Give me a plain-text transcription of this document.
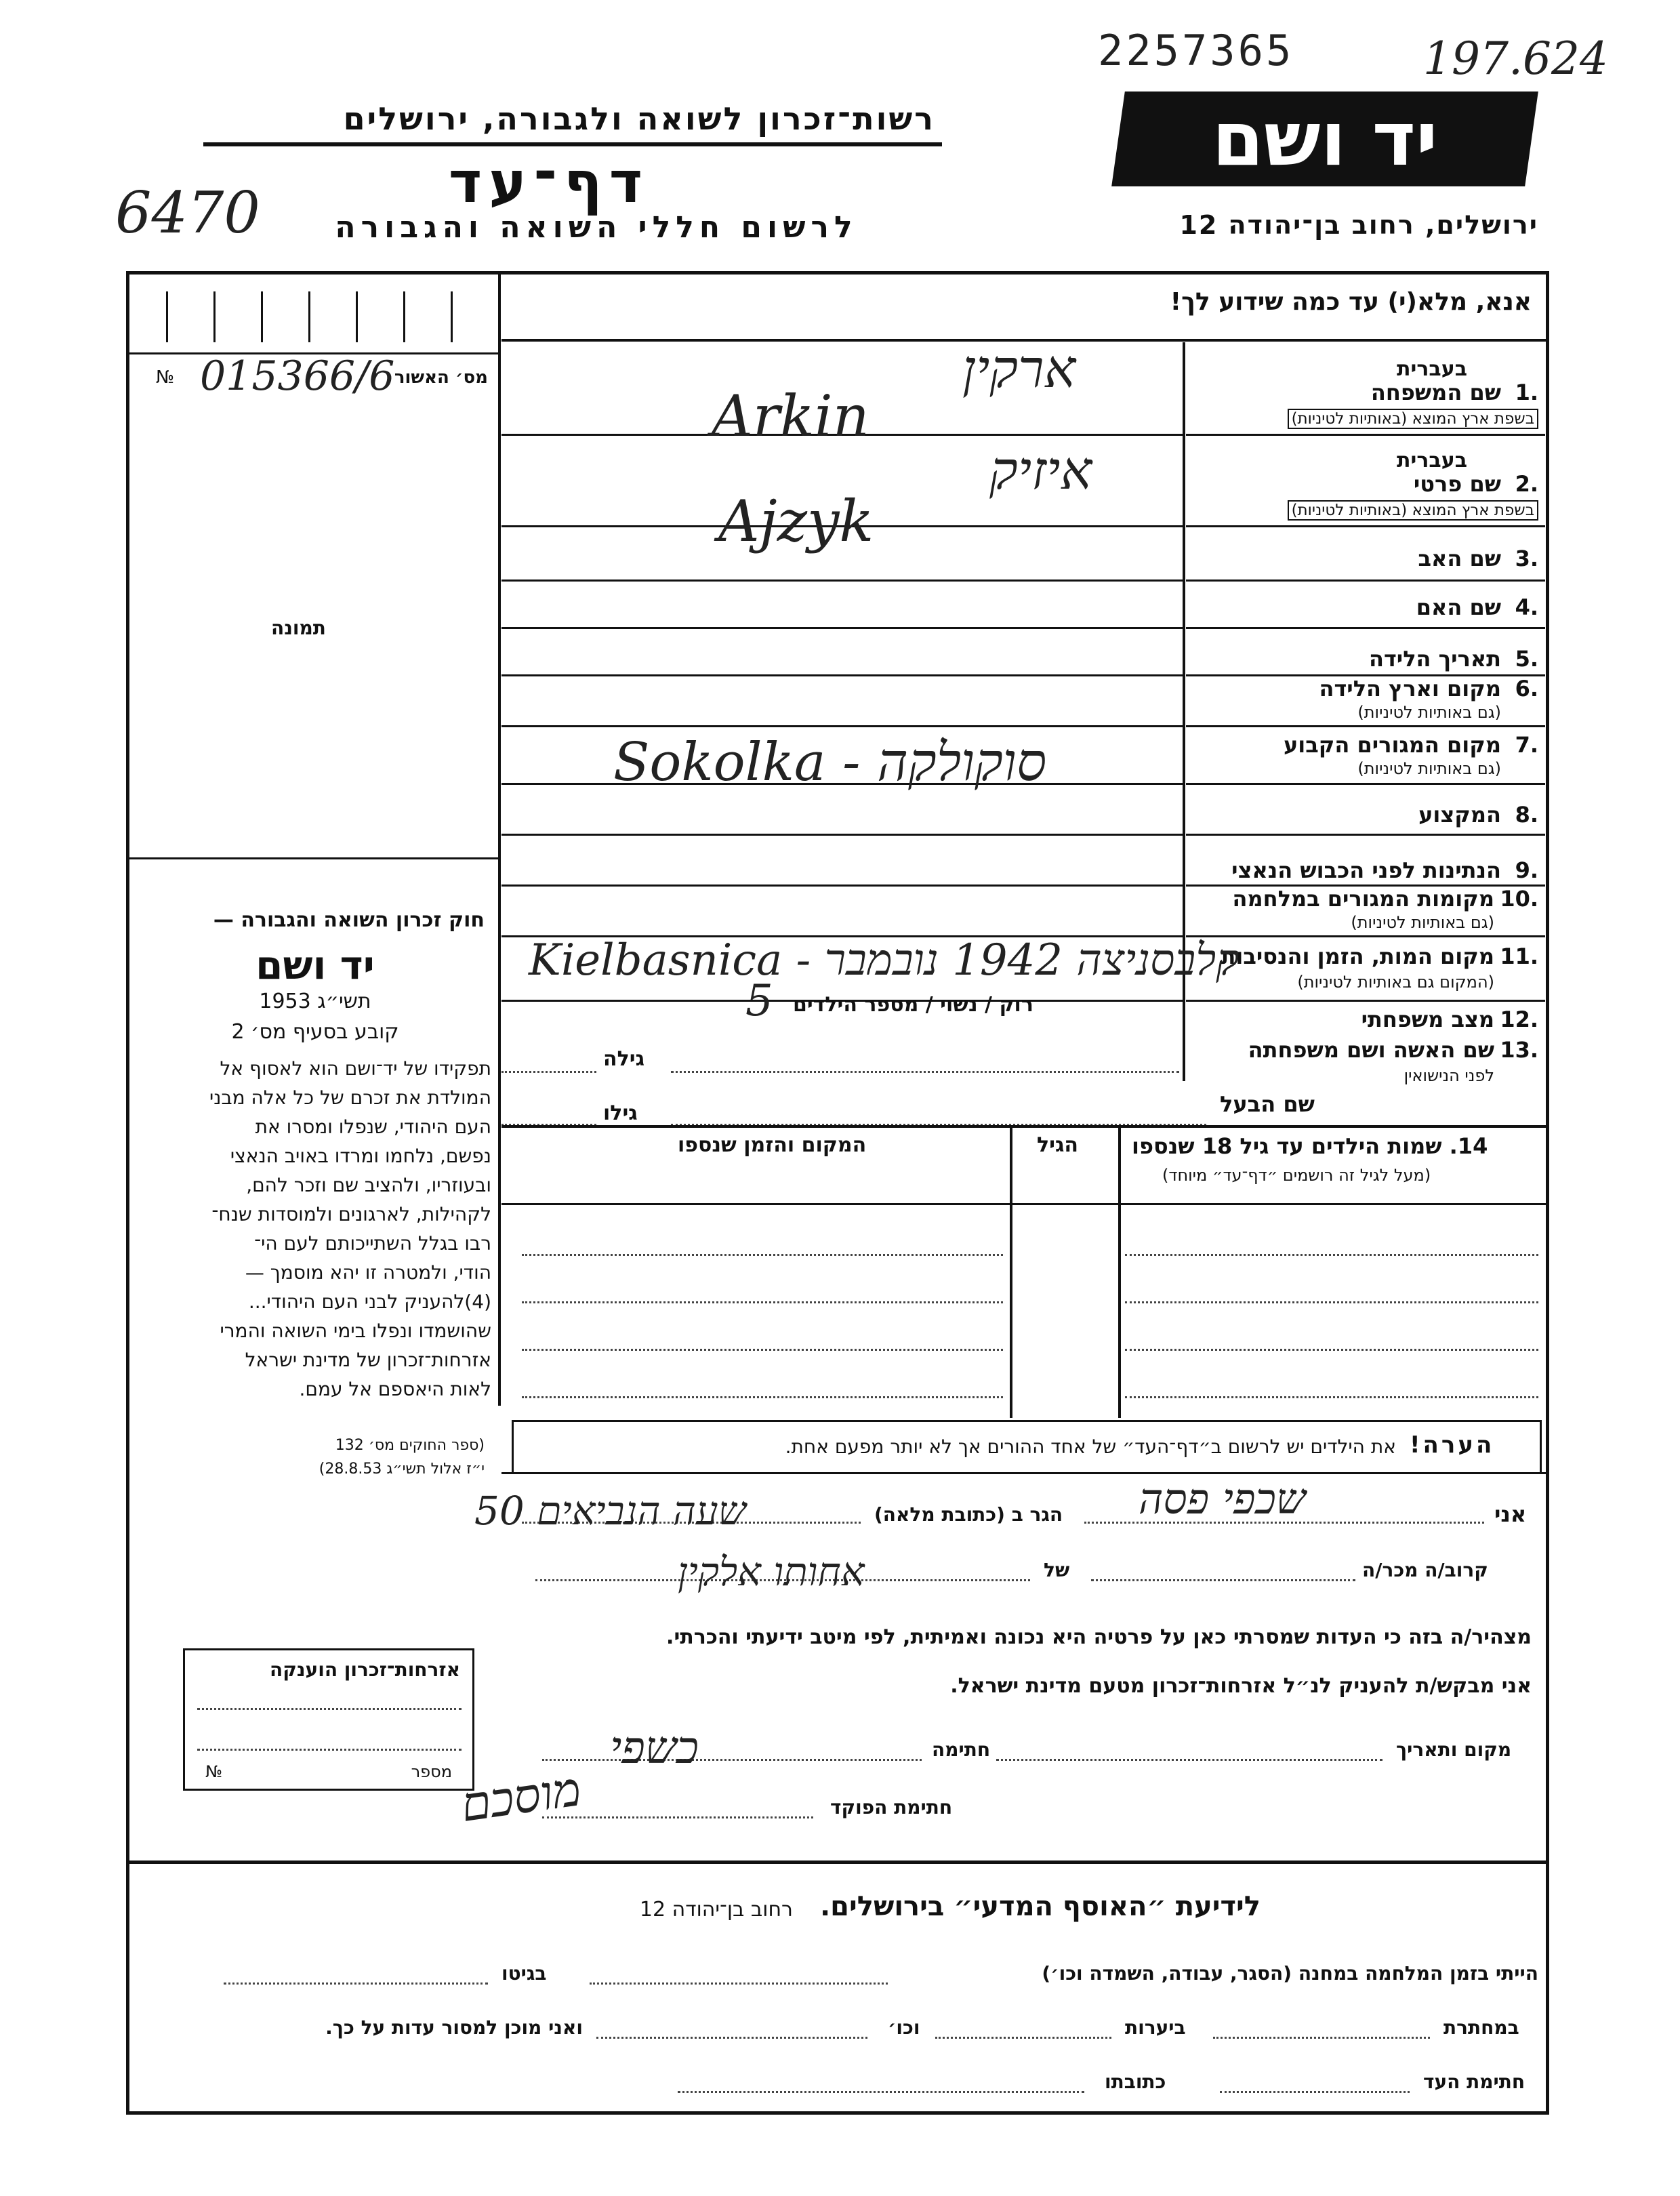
2257365	197.624
6470
רשות־זכרון לשואה ולגבורה, ירושלים	יד ושם
ירושלים, רחוב בן־יהודה 12
דף־עד
לרשום חללי השואה והגבורה
אנא, מלא(י) עד כמה שידוע לך!
№ 015366/6 מס׳ האשור
תמונה
בעברית
1.
שם המשפחה
בשפת ארץ המוצא (באותיות לטיניות)
בעברית
2.
שם פרטי
בשפת ארץ המוצא (באותיות לטיניות)
3.
שם האב
4.
שם האם
5.
תאריך הלידה
6.
מקום וארץ הלידה
(גם באותיות לטיניות)
7.
מקום המגורים הקבוע
(גם באותיות לטיניות)
8.
המקצוע
9.
הנתינות לפני הכבוש הנאצי
10.
מקומות המגורים במלחמה
(גם באותיות לטיניות)
11.
מקום המות, הזמן והנסיבות
(המקום גם באותיות לטיניות)
12.
מצב משפחתי
13.
שם האשה ושם משפחתה
לפני הנישואין
ארקין
Arkin
איזיק
Ajzyk
Sokolka - סוקולקה
Kielbasnica - קלבסניצה 1942 נובמבר
רוק / נשוי / מספר הילדים
5
גילה
שם הבעל
גילו
14. שמות הילדים עד גיל 18 שנספו
(מעל לגיל זה רושמים ״דף־עד״ מיוחד)
הגיל
המקום והזמן שנספו
הערה!
את הילדים יש לרשום ב״דף־העד״ של אחד ההורים אך לא יותר מפעם אחת.
חוק זכרון השואה והגבורה —
יד ושם
תשי״ג 1953
קובע בסעיף מס׳ 2
תפקידו של יד־ושם הוא לאסוף אל
המולדת את זכרם של כל אלה מבני
העם היהודי, שנפלו ומסרו את
נפשם, נלחמו ומרדו באויב הנאצי
ובעוזריו, ולהציב שם וזכר להם,
לקהילות, לארגונים ולמוסדות שנח־
רבו בגלל השתייכותם לעם הי־
הודי, ולמטרה זו יהא מוסמך —
(4)להעניק לבני העם היהודי...
שהושמדו ונפלו בימי השואה והמרי
אזרחות־זכרון של מדינת ישראל
לאות היאספם אל עמם.
(ספר החוקים מס׳ 132
י״ז אלול תשי״ג 28.8.53)
אני
שכפי פסה
הגר ב (כתובת מלאה)
שעה הנביאים 50
קרוב/ה מכר/ה
של
אחותו אלקין
מצהיר/ה בזה כי העדות שמסרתי כאן על פרטיה היא נכונה ואמיתית, לפי מיטב ידיעתי והכרתי.
אני מבקש/ת להעניק לנ״ל אזרחות־זכרון מטעם מדינת ישראל.
מקום ותאריך
חתימה
כשפי
חתימת הפוקד
מוסכם
אזרחות־זכרון הוענקה
מספר
№
לידיעת ״האוסף המדעי״ בירושלים.
רחוב בן־יהודה 12
הייתי בזמן המלחמה במחנה (הסגר, עבודה, השמדה וכו׳)
בגיטו
במחתרת
ביערות
וכו׳
ואני מוכן למסור עדות על כך.
חתימת העד
כתובתו
